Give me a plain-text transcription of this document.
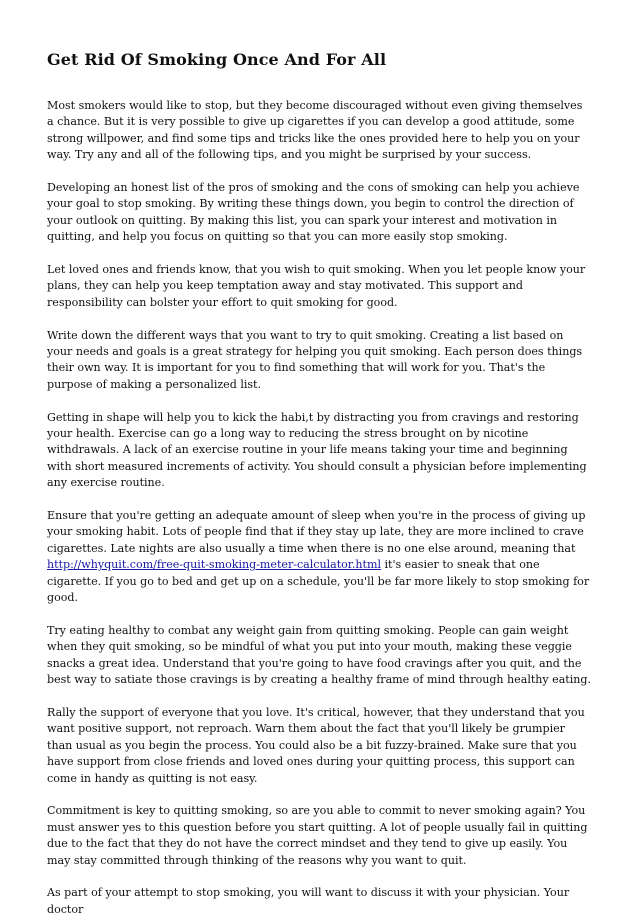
Get Rid Of Smoking Once And For All

Most smokers would like to stop, but they become discouraged without even giving themselves a chance. But it is very possible to give up cigarettes if you can develop a good attitude, some strong willpower, and find some tips and tricks like the ones provided here to help you on your way. Try any and all of the following tips, and you might be surprised by your success.

Developing an honest list of the pros of smoking and the cons of smoking can help you achieve your goal to stop smoking. By writing these things down, you begin to control the direction of your outlook on quitting. By making this list, you can spark your interest and motivation in quitting, and help you focus on quitting so that you can more easily stop smoking.

Let loved ones and friends know, that you wish to quit smoking. When you let people know your plans, they can help you keep temptation away and stay motivated. This support and responsibility can bolster your effort to quit smoking for good.

Write down the different ways that you want to try to quit smoking. Creating a list based on your needs and goals is a great strategy for helping you quit smoking. Each person does things their own way. It is important for you to find something that will work for you. That's the purpose of making a personalized list.

Getting in shape will help you to kick the habi,t by distracting you from cravings and restoring your health. Exercise can go a long way to reducing the stress brought on by nicotine withdrawals. A lack of an exercise routine in your life means taking your time and beginning with short measured increments of activity. You should consult a physician before implementing any exercise routine.

Ensure that you're getting an adequate amount of sleep when you're in the process of giving up your smoking habit. Lots of people find that if they stay up late, they are more inclined to crave cigarettes. Late nights are also usually a time when there is no one else around, meaning that http://whyquit.com/free-quit-smoking-meter-calculator.html it's easier to sneak that one cigarette. If you go to bed and get up on a schedule, you'll be far more likely to stop smoking for good.

Try eating healthy to combat any weight gain from quitting smoking. People can gain weight when they quit smoking, so be mindful of what you put into your mouth, making these veggie snacks a great idea. Understand that you're going to have food cravings after you quit, and the best way to satiate those cravings is by creating a healthy frame of mind through healthy eating.

Rally the support of everyone that you love. It's critical, however, that they understand that you want positive support, not reproach. Warn them about the fact that you'll likely be grumpier than usual as you begin the process. You could also be a bit fuzzy-brained. Make sure that you have support from close friends and loved ones during your quitting process, this support can come in handy as quitting is not easy.

Commitment is key to quitting smoking, so are you able to commit to never smoking again? You must answer yes to this question before you start quitting. A lot of people usually fail in quitting due to the fact that they do not have the correct mindset and they tend to give up easily. You may stay committed through thinking of the reasons why you want to quit.

As part of your attempt to stop smoking, you will want to discuss it with your physician. Your doctor
